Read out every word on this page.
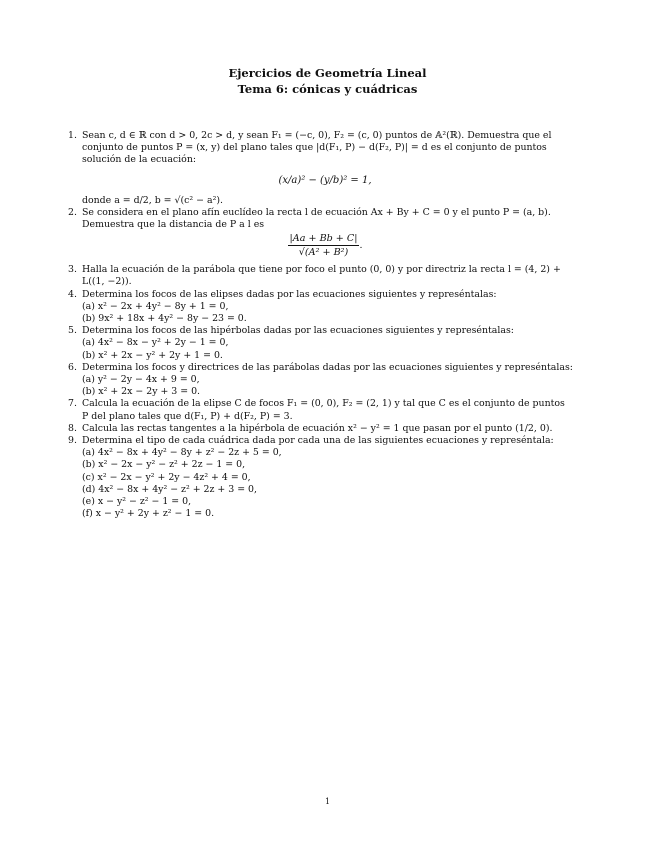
Ejercicios de Geometría Lineal
Tema 6: cónicas y cuádricas
1. Sean c, d ∈ ℝ con d > 0, 2c > d, y sean F₁ = (−c, 0), F₂ = (c, 0) puntos de 𝔸²(ℝ). Demuestra que el
conjunto de puntos P = (x, y) del plano tales que |d(F₁, P) − d(F₂, P)| = d es el conjunto de puntos
solución de la ecuación:
(x/a)² − (y/b)² = 1,
donde a = d/2, b = √(c² − a²).
2. Se considera en el plano afín euclídeo la recta l de ecuación Ax + By + C = 0 y el punto P = (a, b).
Demuestra que la distancia de P a l es
$\frac{|Aa + Bb + C|}{\text{√(A² + B²)}}$ .
3. Halla la ecuación de la parábola que tiene por foco el punto (0, 0) y por directriz la recta l = (4, 2) +
L((1, −2)).
4. Determina los focos de las elipses dadas por las ecuaciones siguientes y represéntalas:
(a) x² − 2x + 4y² − 8y + 1 = 0,
(b) 9x² + 18x + 4y² − 8y − 23 = 0.
5. Determina los focos de las hipérbolas dadas por las ecuaciones siguientes y represéntalas:
(a) 4x² − 8x − y² + 2y − 1 = 0,
(b) x² + 2x − y² + 2y + 1 = 0.
6. Determina los focos y directrices de las parábolas dadas por las ecuaciones siguientes y represéntalas:
(a) y² − 2y − 4x + 9 = 0,
(b) x² + 2x − 2y + 3 = 0.
7. Calcula la ecuación de la elipse C de focos F₁ = (0, 0), F₂ = (2, 1) y tal que C es el conjunto de puntos
P del plano tales que d(F₁, P) + d(F₂, P) = 3.
8. Calcula las rectas tangentes a la hipérbola de ecuación x² − y² = 1 que pasan por el punto (1/2, 0).
9. Determina el tipo de cada cuádrica dada por cada una de las siguientes ecuaciones y represéntala:
(a) 4x² − 8x + 4y² − 8y + z² − 2z + 5 = 0,
(b) x² − 2x − y² − z² + 2z − 1 = 0,
(c) x² − 2x − y² + 2y − 4z² + 4 = 0,
(d) 4x² − 8x + 4y² − z² + 2z + 3 = 0,
(e) x − y² − z² − 1 = 0,
(f) x − y² + 2y + z² − 1 = 0.
1
